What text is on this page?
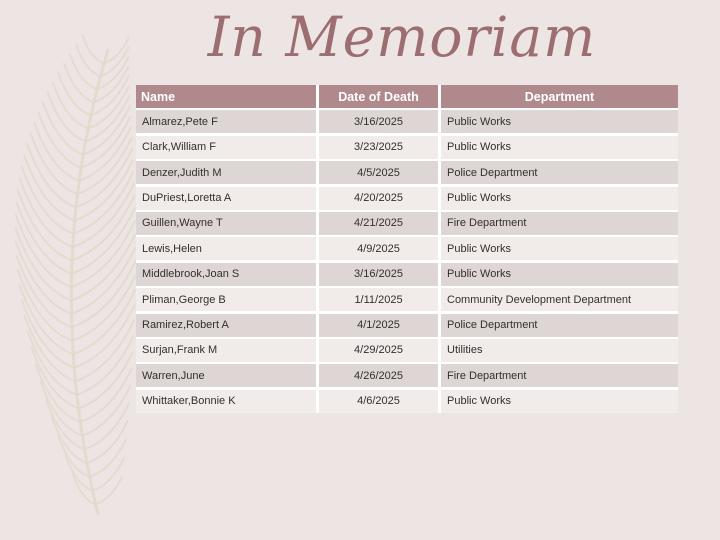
In Memoriam
Name	Date of Death	Department
Almarez,Pete F	3/16/2025	Public Works
Clark,William F	3/23/2025	Public Works
Denzer,Judith M	4/5/2025	Police Department
DuPriest,Loretta A	4/20/2025	Public Works
Guillen,Wayne T	4/21/2025	Fire Department
Lewis,Helen	4/9/2025	Public Works
Middlebrook,Joan S	3/16/2025	Public Works
Pliman,George B	1/11/2025	Community Development Department
Ramirez,Robert A	4/1/2025	Police Department
Surjan,Frank M	4/29/2025	Utilities
Warren,June	4/26/2025	Fire Department
Whittaker,Bonnie K	4/6/2025	Public Works
